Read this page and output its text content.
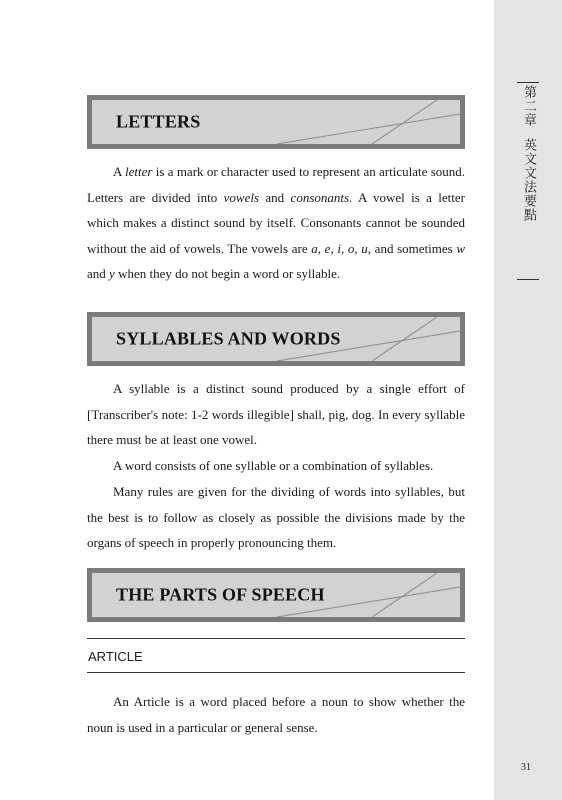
LETTERS

A letter is a mark or character used to represent an articulate sound. Letters are divided into vowels and consonants. A vowel is a letter which makes a distinct sound by itself. Consonants cannot be sounded without the aid of vowels. The vowels are a, e, i, o, u, and sometimes w and y when they do not begin a word or syllable.

SYLLABLES AND WORDS

A syllable is a distinct sound produced by a single effort of [Transcriber's note: 1-2 words illegible] shall, pig, dog. In every syllable there must be at least one vowel.

A word consists of one syllable or a combination of syllables.

Many rules are given for the dividing of words into syllables, but the best is to follow as closely as possible the divisions made by the organs of speech in properly pronouncing them.

THE PARTS OF SPEECH

ARTICLE

An Article is a word placed before a noun to show whether the noun is used in a particular or general sense.

第二章
英文文法要點
31
